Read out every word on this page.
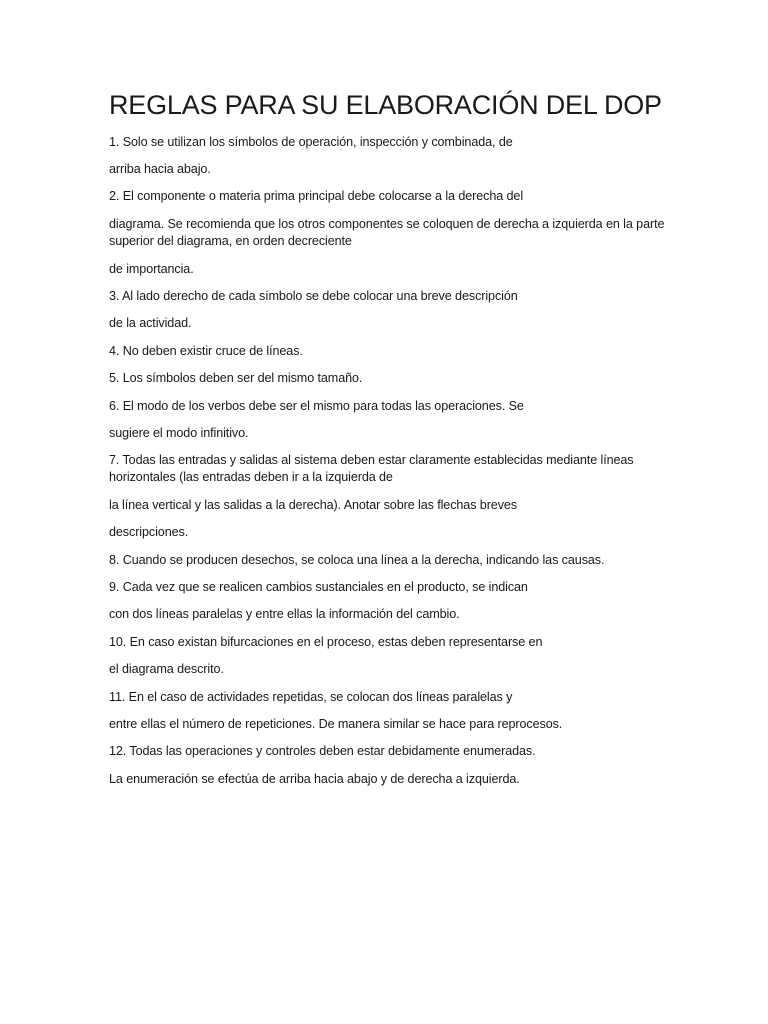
REGLAS PARA SU ELABORACIÓN DEL DOP

1. Solo se utilizan los símbolos de operación, inspección y combinada, de

arriba hacia abajo.

2. El componente o materia prima principal debe colocarse a la derecha del

diagrama. Se recomienda que los otros componentes se coloquen de derecha a izquierda en la parte superior del diagrama, en orden decreciente

de importancia.

3. Al lado derecho de cada símbolo se debe colocar una breve descripción

de la actividad.

4. No deben existir cruce de líneas.

5. Los símbolos deben ser del mismo tamaño.

6. El modo de los verbos debe ser el mismo para todas las operaciones. Se

sugiere el modo infinitivo.

7. Todas las entradas y salidas al sistema deben estar claramente establecidas mediante líneas horizontales (las entradas deben ir a la izquierda de

la línea vertical y las salidas a la derecha). Anotar sobre las flechas breves

descripciones.

8. Cuando se producen desechos, se coloca una línea a la derecha, indicando las causas.

9. Cada vez que se realicen cambios sustanciales en el producto, se indican

con dos líneas paralelas y entre ellas la información del cambio.

10. En caso existan bifurcaciones en el proceso, estas deben representarse en

el diagrama descrito.

11. En el caso de actividades repetidas, se colocan dos líneas paralelas y

entre ellas el número de repeticiones. De manera similar se hace para reprocesos.

12. Todas las operaciones y controles deben estar debidamente enumeradas.

La enumeración se efectúa de arriba hacia abajo y de derecha a izquierda.
